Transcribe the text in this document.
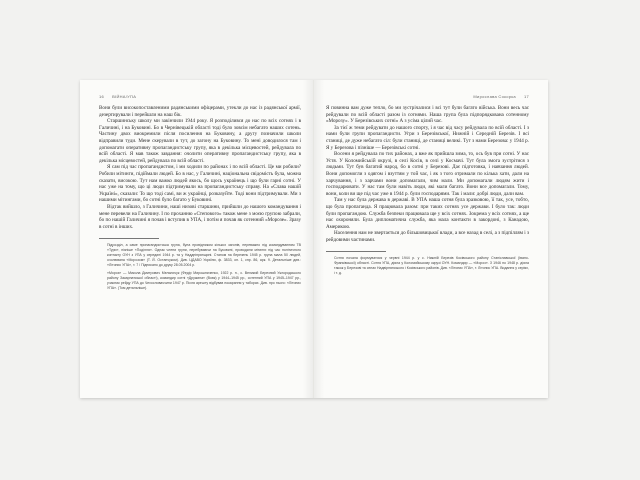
16 ВІЙНА/УПА

Вони були високопоставленими радянськими офіцерами, утекли до нас із радянської армії, дезертирували і перейшли на наш бік.

Старшинську школу ми закінчили 1944 року. Я розподілився до нас по всіх сотнях і в Галичині, і на Буковині. Бо в Чернівецькій області тоді було зовсім небагато наших сотень. Частину двох виокремили після посилення на Буковину, а другу позначили школи відправили туди. Мене скерували в тут, до загону на Буковину. То мені доводилося там і допомагати оперативну пропагандистську групу, яка в декілька місцевостей, рейдувала по всій області. Я мав також завдання: очолити оперативну пропагандистську групу, яка в декілька місцевостей, рейдувала по всій області.

Я сам під час пропагандистом, і ми ходили по районах і по всій області. Це ми робили? Робили мітинги, підіймали людей. Бо в нас, у Галичині, національна свідомість була, можна сказати, високою. Тут нам важко людей якось, бо щось українець і що були гарні сотні. У нас уже на тому, що ці люди підтримували на пропагандистську справу. На «Слава нашій Україні», сказали: То що тоді самі, ви ж українці, розказуйте. Тоді вони підтримували. Ми з нашими мітингами, бо сотні було багато у Буковині.

Відтак вийшло, з Галичини, наші низові старшини, прийшли до нашого командування і мене перевели на Галичину. І по проханню «Степового» також мене з моєю групою забрали, бо по нашій Галичині я почав і вступив в УПА, і потім я почав як сотенний «Морозе». Зразу в сотні в інших.

Підрозділ, а саме пропагандистська група, була провідником кількох загонів, переважно під командуванням ТВ «Тури», пізніше «Поділля». Однак члени групи, перебуваючи на Буковині, проводили мітинги під час політичного контакту ОУН з УПА у середині 1944 р. та у Наддніпрянщині. Станом на березень 1945 р. група мала 50 людей, очолювана «Морозом» (Т. Й. Остапчуком). Див. ЦДАВО України, ф. 3833, оп. 1, спр. 86, арк. 9. Детальніше див.: «Літопис УПА», т. 7 / Підписано до друку 28.05.2004 р.
«Мороз» — Микола Дмитрович Мельничук (Федір Мирошниченко, 1922 р. н., с. Великий Березний Ужгородського району Закарпатської області), командир сотні «Дружина» (Вовк) у 1944–1945 рр., сотенний УПА у 1945–1947 рр., учасник рейду УПА до Чехословаччини 1947 р. Після арешту відбував покарання у таборах. Див. про нього: «Літопис УПА». (Том детальніше).
Мирослава Сокорка 17

Я повинна вам дуже тепло, бо ми зустрічалися і всі тут були багато війська. Вони весь час рейдували по всій області разом із сотнями. Наша група була підпорядкована сотенному «Морозу». У Березівських сотні» А з усіма цілий час.

За тієї ж теми рейдувати до нашого спорту, і я час від часу рейдувала по всій області. І з нами були групи пропагандисти. Угри з Березівської, Нижній і Середній Березів. І всі станиці, де дуже небагато сіл: були станиці, де станиці великі. Тут з нами Березова: у 1944 р. Я у Березова і пізніше — Березівські сотні.

Восени я рейдувала по тих районах, а вже як прийшла зима, то, ось був при сотні. У нас Устя. У Коломийській окрузі, в селі Косів, в селі у Космачі. Тут була змога зустрітися з людьми. Тут був багатий народ, бо в сотні у Березові. Дає підготовка, і навчання людей. Вони допомогли з одягом і взуттям у той час, і як з того отримали по кілька хати, дали на харчування, і з харчами вони допомагали, чим мали. Ми допомагали людям жити і господарювати. У нас там були навіть люди, які мали багато. Вони все допомагали. Тому, вони, коли ви ще під час уже в 1944 р. були господарями. Так і мали: добрі люди, дали вам.

Там у нас була держава в державі. В УПА наша сотня була зразковою, її так, усе, тобто, що була пропаганда. Я працювала разом: при таких сотнях усе держави. І було так: люди були пропагандою. Служба безпеки працювала ще у всіх сотнях. Зокрема у всіх сотнях, а ще нас охороняли. Була дипломатична служба, яка мала контакти в закордоні, з Канадою, Америкою.

Населення нам не звертається до більшовицької влади, а все назад в селі, а з підпіллям і з рейдовими частинами.

Сотня почала формуватися у червні 1944 р. у с. Нижній Березів Косівського району Станіславської (Івано-Франківської) області. Сотня УПА, діяла у Коломийському окрузі ОУН. Командир — «Мороз». З 1946 по 1948 р. діяла також у Березові та селах Надвірнянського і Косівського районів. Див. «Літопис УПА», т. Літопис УПА. Видання у серіях, і т. д.
